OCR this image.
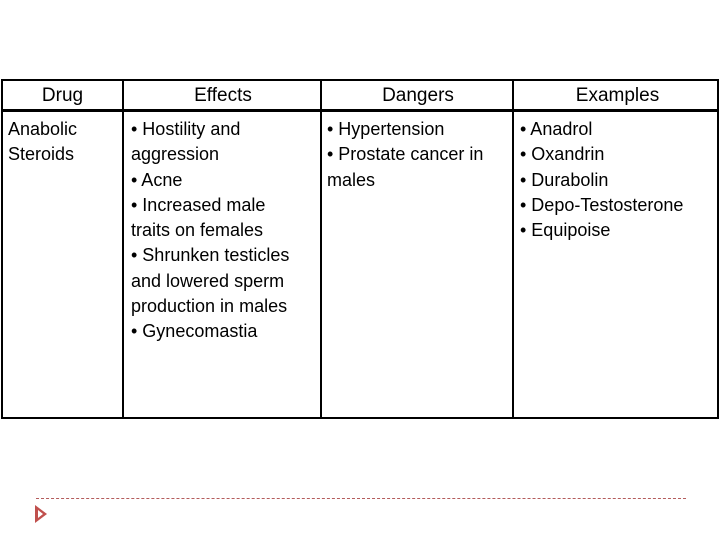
Drug
Anabolic
Steroids
Effects
• Hostility and
aggression
• Acne
• Increased male
traits on females
• Shrunken testicles
and lowered sperm
production in males
• Gynecomastia
Dangers
• Hypertension
• Prostate cancer in
males
Examples
• Anadrol
• Oxandrin
• Durabolin
• Depo-Testosterone
• Equipoise
